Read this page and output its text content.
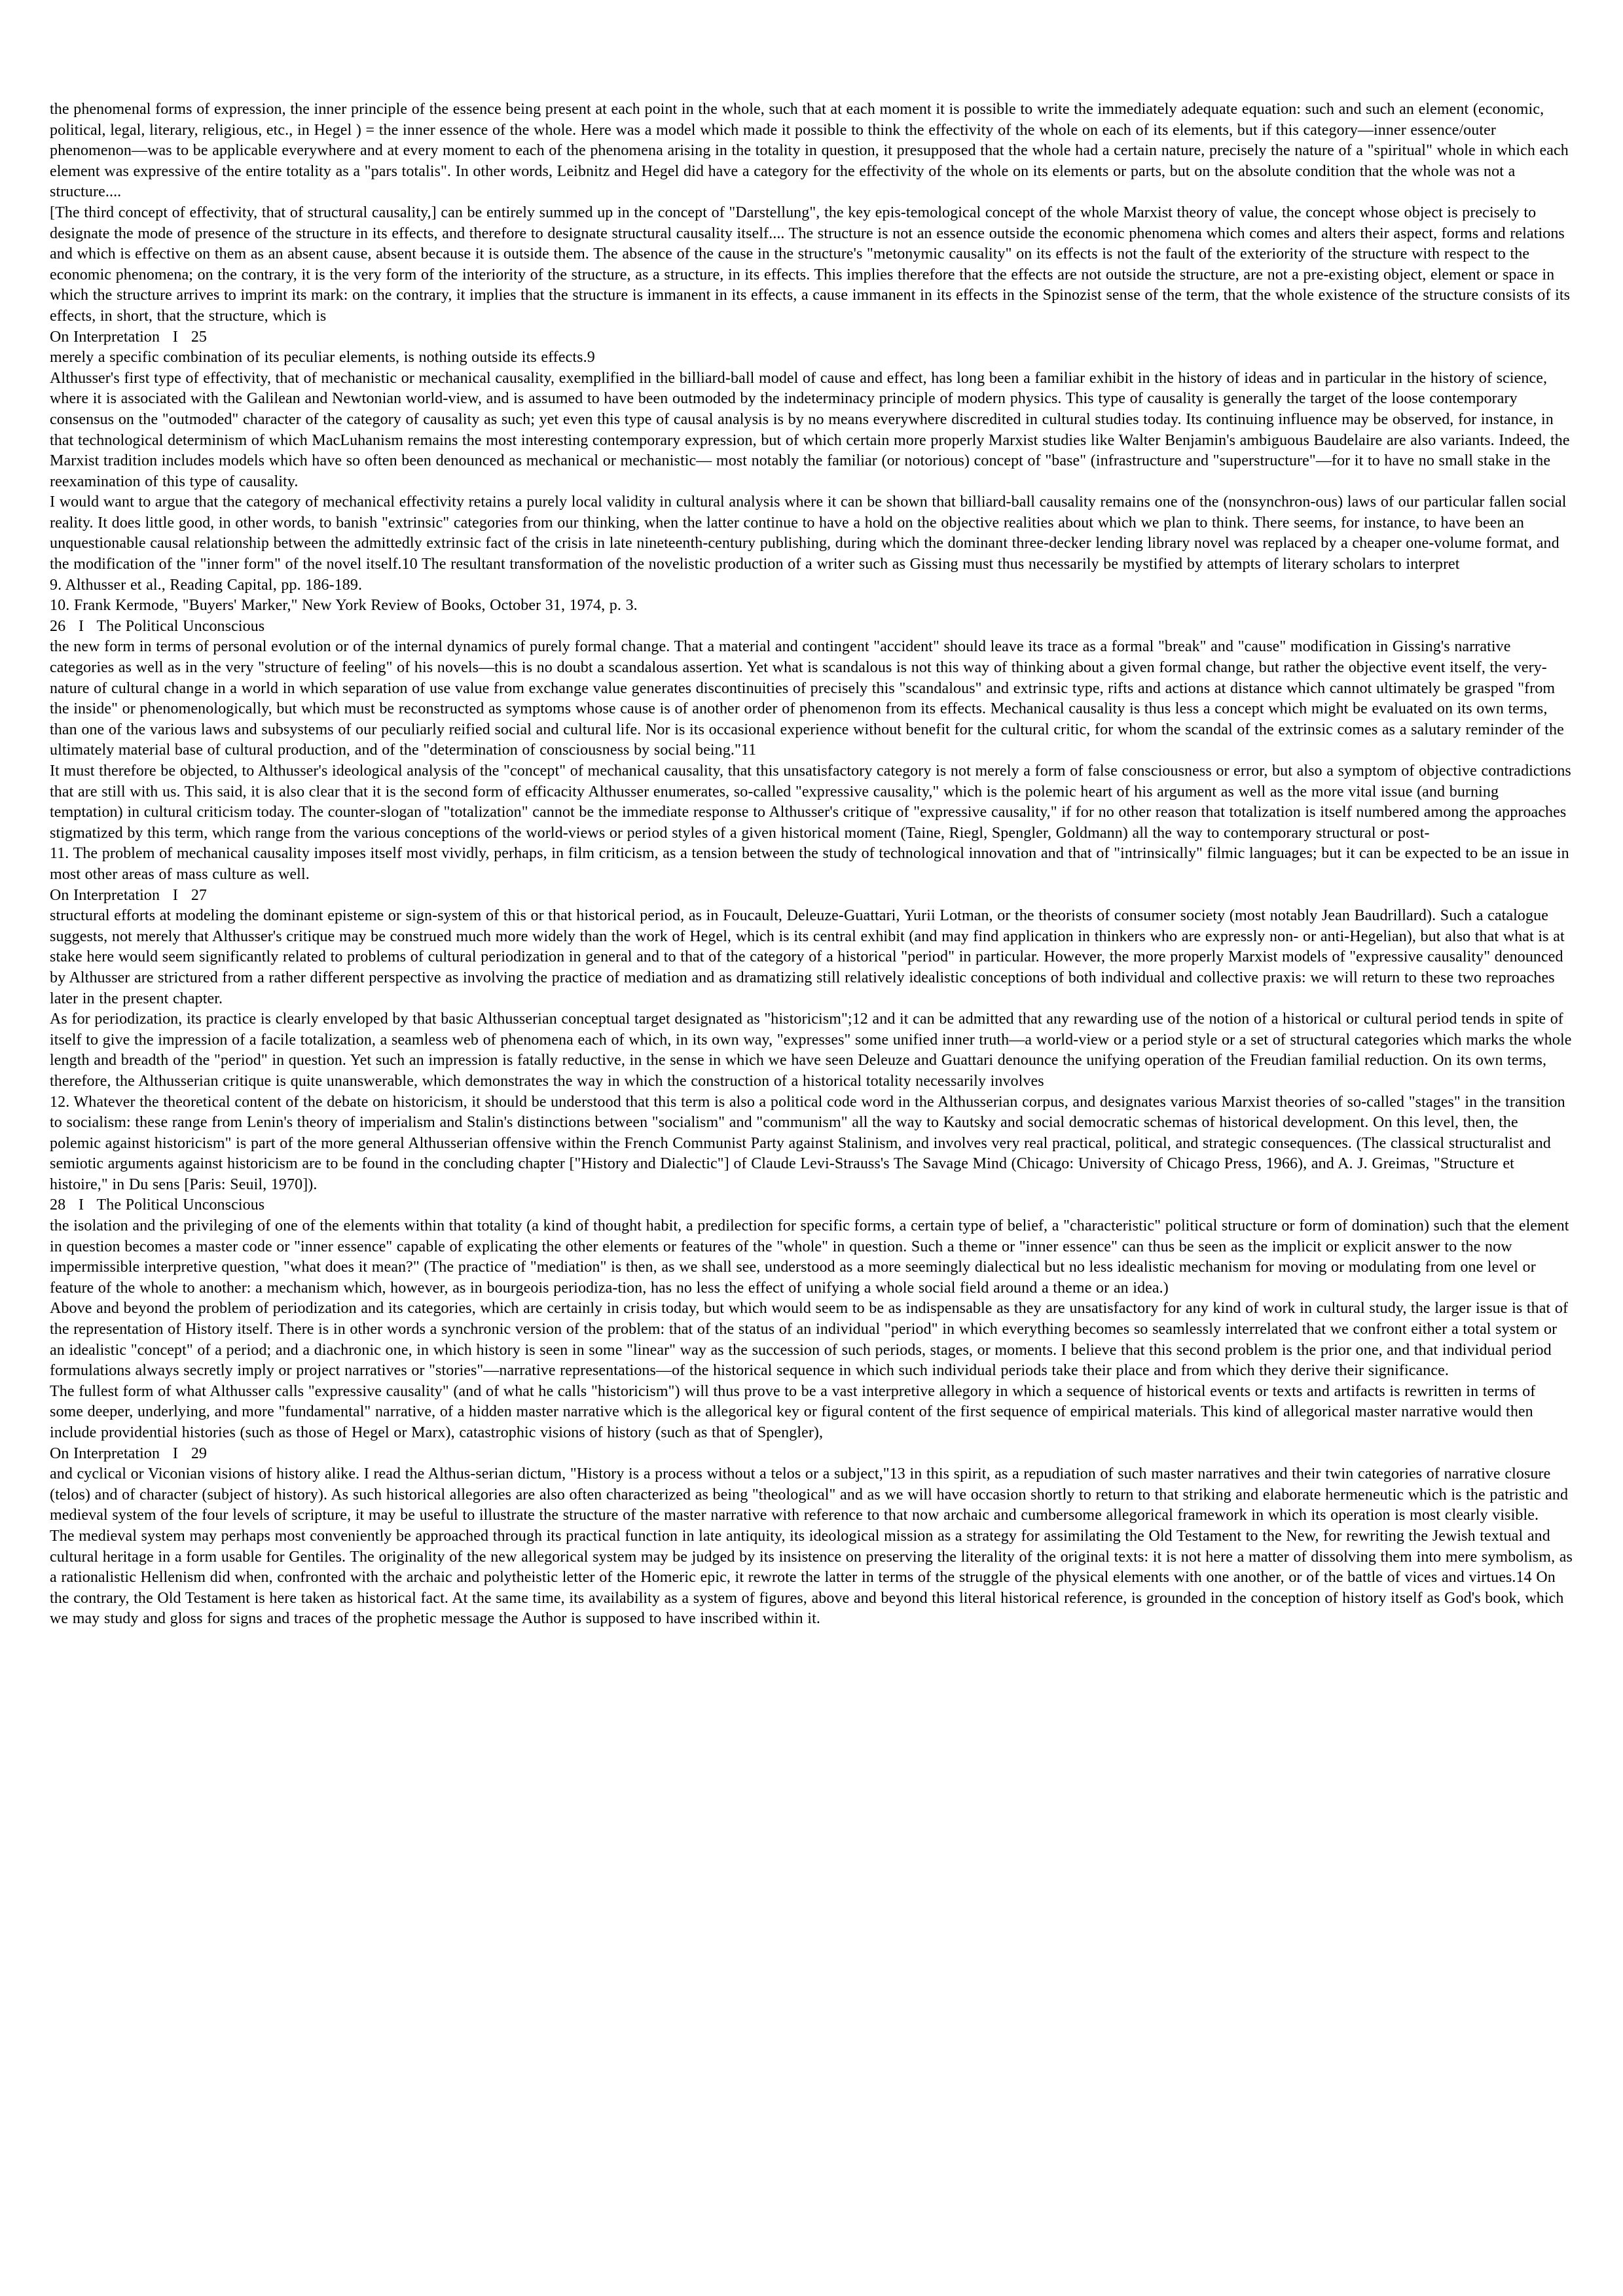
the phenomenal forms of expression, the inner principle of the essence being present at each point in the whole, such that at each moment it is possible to write the immediately adequate equation: such and such an element (economic, political, legal, literary, religious, etc., in Hegel ) = the inner essence of the whole. Here was a model which made it possible to think the effectivity of the whole on each of its elements, but if this category—inner essence/outer phenomenon—was to be applicable everywhere and at every moment to each of the phenomena arising in the totality in question, it presupposed that the whole had a certain nature, precisely the nature of a "spiritual" whole in which each element was expressive of the entire totality as a "pars totalis". In other words, Leibnitz and Hegel did have a category for the effectivity of the whole on its elements or parts, but on the absolute condition that the whole was not a structure....

[The third concept of effectivity, that of structural causality,] can be entirely summed up in the concept of "Darstellung", the key epis-temological concept of the whole Marxist theory of value, the concept whose object is precisely to designate the mode of presence of the structure in its effects, and therefore to designate structural causality itself.... The structure is not an essence outside the economic phenomena which comes and alters their aspect, forms and relations and which is effective on them as an absent cause, absent because it is outside them. The absence of the cause in the structure's "metonymic causality" on its effects is not the fault of the exteriority of the structure with respect to the economic phenomena; on the contrary, it is the very form of the interiority of the structure, as a structure, in its effects. This implies therefore that the effects are not outside the structure, are not a pre-existing object, element or space in which the structure arrives to imprint its mark: on the contrary, it implies that the structure is immanent in its effects, a cause immanent in its effects in the Spinozist sense of the term, that the whole existence of the structure consists of its effects, in short, that the structure, which is

On Interpretation   I   25

merely a specific combination of its peculiar elements, is nothing outside its effects.9

Althusser's first type of effectivity, that of mechanistic or mechanical causality, exemplified in the billiard-ball model of cause and effect, has long been a familiar exhibit in the history of ideas and in particular in the history of science, where it is associated with the Galilean and Newtonian world-view, and is assumed to have been outmoded by the indeterminacy principle of modern physics. This type of causality is generally the target of the loose contemporary consensus on the "outmoded" character of the category of causality as such; yet even this type of causal analysis is by no means everywhere discredited in cultural studies today. Its continuing influence may be observed, for instance, in that technological determinism of which MacLuhanism remains the most interesting contemporary expression, but of which certain more properly Marxist studies like Walter Benjamin's ambiguous Baudelaire are also variants. Indeed, the Marxist tradition includes models which have so often been denounced as mechanical or mechanistic— most notably the familiar (or notorious) concept of "base" (infrastructure and "superstructure"—for it to have no small stake in the reexamination of this type of causality.

I would want to argue that the category of mechanical effectivity retains a purely local validity in cultural analysis where it can be shown that billiard-ball causality remains one of the (nonsynchron-ous) laws of our particular fallen social reality. It does little good, in other words, to banish "extrinsic" categories from our thinking, when the latter continue to have a hold on the objective realities about which we plan to think. There seems, for instance, to have been an unquestionable causal relationship between the admittedly extrinsic fact of the crisis in late nineteenth-century publishing, during which the dominant three-decker lending library novel was replaced by a cheaper one-volume format, and the modification of the "inner form" of the novel itself.10 The resultant transformation of the novelistic production of a writer such as Gissing must thus necessarily be mystified by attempts of literary scholars to interpret

9. Althusser et al., Reading Capital, pp. 186-189.

10. Frank Kermode, "Buyers' Marker," New York Review of Books, October 31, 1974, p. 3.

26   I   The Political Unconscious

the new form in terms of personal evolution or of the internal dynamics of purely formal change. That a material and contingent "accident" should leave its trace as a formal "break" and "cause" modification in Gissing's narrative categories as well as in the very "structure of feeling" of his novels—this is no doubt a scandalous assertion. Yet what is scandalous is not this way of thinking about a given formal change, but rather the objective event itself, the very-nature of cultural change in a world in which separation of use value from exchange value generates discontinuities of precisely this "scandalous" and extrinsic type, rifts and actions at distance which cannot ultimately be grasped "from the inside" or phenomenologically, but which must be reconstructed as symptoms whose cause is of another order of phenomenon from its effects. Mechanical causality is thus less a concept which might be evaluated on its own terms, than one of the various laws and subsystems of our peculiarly reified social and cultural life. Nor is its occasional experience without benefit for the cultural critic, for whom the scandal of the extrinsic comes as a salutary reminder of the ultimately material base of cultural production, and of the "determination of consciousness by social being."11

It must therefore be objected, to Althusser's ideological analysis of the "concept" of mechanical causality, that this unsatisfactory category is not merely a form of false consciousness or error, but also a symptom of objective contradictions that are still with us. This said, it is also clear that it is the second form of efficacity Althusser enumerates, so-called "expressive causality," which is the polemic heart of his argument as well as the more vital issue (and burning temptation) in cultural criticism today. The counter-slogan of "totalization" cannot be the immediate response to Althusser's critique of "expressive causality," if for no other reason that totalization is itself numbered among the approaches stigmatized by this term, which range from the various conceptions of the world-views or period styles of a given historical moment (Taine, Riegl, Spengler, Goldmann) all the way to contemporary structural or post-

11. The problem of mechanical causality imposes itself most vividly, perhaps, in film criticism, as a tension between the study of technological innovation and that of "intrinsically" filmic languages; but it can be expected to be an issue in most other areas of mass culture as well.

On Interpretation   I   27

structural efforts at modeling the dominant episteme or sign-system of this or that historical period, as in Foucault, Deleuze-Guattari, Yurii Lotman, or the theorists of consumer society (most notably Jean Baudrillard). Such a catalogue suggests, not merely that Althusser's critique may be construed much more widely than the work of Hegel, which is its central exhibit (and may find application in thinkers who are expressly non- or anti-Hegelian), but also that what is at stake here would seem significantly related to problems of cultural periodization in general and to that of the category of a historical "period" in particular. However, the more properly Marxist models of "expressive causality" denounced by Althusser are strictured from a rather different perspective as involving the practice of mediation and as dramatizing still relatively idealistic conceptions of both individual and collective praxis: we will return to these two reproaches later in the present chapter.

As for periodization, its practice is clearly enveloped by that basic Althusserian conceptual target designated as "historicism";12 and it can be admitted that any rewarding use of the notion of a historical or cultural period tends in spite of itself to give the impression of a facile totalization, a seamless web of phenomena each of which, in its own way, "expresses" some unified inner truth—a world-view or a period style or a set of structural categories which marks the whole length and breadth of the "period" in question. Yet such an impression is fatally reductive, in the sense in which we have seen Deleuze and Guattari denounce the unifying operation of the Freudian familial reduction. On its own terms, therefore, the Althusserian critique is quite unanswerable, which demonstrates the way in which the construction of a historical totality necessarily involves

12. Whatever the theoretical content of the debate on historicism, it should be understood that this term is also a political code word in the Althusserian corpus, and designates various Marxist theories of so-called "stages" in the transition to socialism: these range from Lenin's theory of imperialism and Stalin's distinctions between "socialism" and "communism" all the way to Kautsky and social democratic schemas of historical development. On this level, then, the polemic against historicism" is part of the more general Althusserian offensive within the French Communist Party against Stalinism, and involves very real practical, political, and strategic consequences. (The classical structuralist and semiotic arguments against historicism are to be found in the concluding chapter ["History and Dialectic"] of Claude Levi-Strauss's The Savage Mind (Chicago: University of Chicago Press, 1966), and A. J. Greimas, "Structure et histoire," in Du sens [Paris: Seuil, 1970]).

28   I   The Political Unconscious

the isolation and the privileging of one of the elements within that totality (a kind of thought habit, a predilection for specific forms, a certain type of belief, a "characteristic" political structure or form of domination) such that the element in question becomes a master code or "inner essence" capable of explicating the other elements or features of the "whole" in question. Such a theme or "inner essence" can thus be seen as the implicit or explicit answer to the now impermissible interpretive question, "what does it mean?" (The practice of "mediation" is then, as we shall see, understood as a more seemingly dialectical but no less idealistic mechanism for moving or modulating from one level or feature of the whole to another: a mechanism which, however, as in bourgeois periodiza-tion, has no less the effect of unifying a whole social field around a theme or an idea.)

Above and beyond the problem of periodization and its categories, which are certainly in crisis today, but which would seem to be as indispensable as they are unsatisfactory for any kind of work in cultural study, the larger issue is that of the representation of History itself. There is in other words a synchronic version of the problem: that of the status of an individual "period" in which everything becomes so seamlessly interrelated that we confront either a total system or an idealistic "concept" of a period; and a diachronic one, in which history is seen in some "linear" way as the succession of such periods, stages, or moments. I believe that this second problem is the prior one, and that individual period formulations always secretly imply or project narratives or "stories"—narrative representations—of the historical sequence in which such individual periods take their place and from which they derive their significance.

The fullest form of what Althusser calls "expressive causality" (and of what he calls "historicism") will thus prove to be a vast interpretive allegory in which a sequence of historical events or texts and artifacts is rewritten in terms of some deeper, underlying, and more "fundamental" narrative, of a hidden master narrative which is the allegorical key or figural content of the first sequence of empirical materials. This kind of allegorical master narrative would then include providential histories (such as those of Hegel or Marx), catastrophic visions of history (such as that of Spengler),

On Interpretation   I   29

and cyclical or Viconian visions of history alike. I read the Althus-serian dictum, "History is a process without a telos or a subject,"13 in this spirit, as a repudiation of such master narratives and their twin categories of narrative closure (telos) and of character (subject of history). As such historical allegories are also often characterized as being "theological" and as we will have occasion shortly to return to that striking and elaborate hermeneutic which is the patristic and medieval system of the four levels of scripture, it may be useful to illustrate the structure of the master narrative with reference to that now archaic and cumbersome allegorical framework in which its operation is most clearly visible.

The medieval system may perhaps most conveniently be approached through its practical function in late antiquity, its ideological mission as a strategy for assimilating the Old Testament to the New, for rewriting the Jewish textual and cultural heritage in a form usable for Gentiles. The originality of the new allegorical system may be judged by its insistence on preserving the literality of the original texts: it is not here a matter of dissolving them into mere symbolism, as a rationalistic Hellenism did when, confronted with the archaic and polytheistic letter of the Homeric epic, it rewrote the latter in terms of the struggle of the physical elements with one another, or of the battle of vices and virtues.14 On the contrary, the Old Testament is here taken as historical fact. At the same time, its availability as a system of figures, above and beyond this literal historical reference, is grounded in the conception of history itself as God's book, which we may study and gloss for signs and traces of the prophetic message the Author is supposed to have inscribed within it.
